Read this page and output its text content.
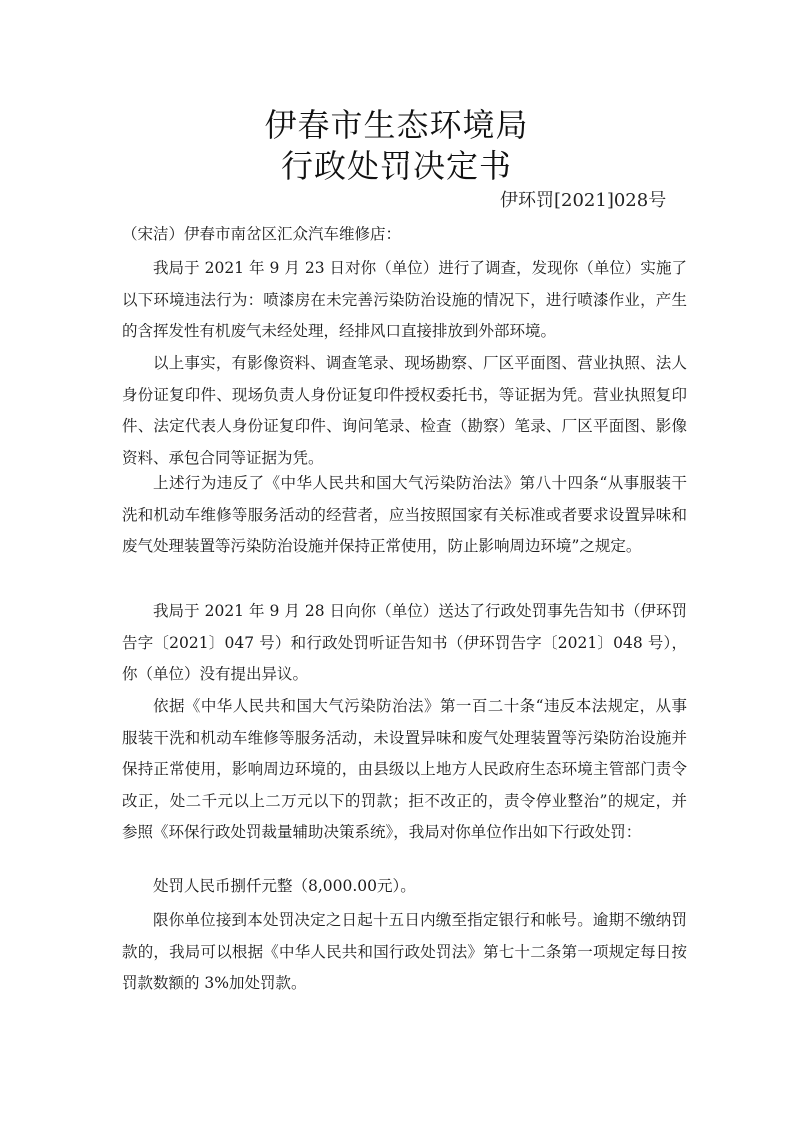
伊春市生态环境局
行政处罚决定书
伊环罚[2021]028号
（宋洁）伊春市南岔区汇众汽车维修店：

我局于 2021 年 9 月 23 日对你（单位）进行了调查，发现你（单位）实施了以下环境违法行为：喷漆房在未完善污染防治设施的情况下，进行喷漆作业，产生的含挥发性有机废气未经处理，经排风口直接排放到外部环境。

以上事实，有影像资料、调查笔录、现场勘察、厂区平面图、营业执照、法人身份证复印件、现场负责人身份证复印件授权委托书，等证据为凭。营业执照复印件、法定代表人身份证复印件、询问笔录、检查（勘察）笔录、厂区平面图、影像资料、承包合同等证据为凭。

上述行为违反了《中华人民共和国大气污染防治法》第八十四条“从事服装干洗和机动车维修等服务活动的经营者，应当按照国家有关标准或者要求设置异味和废气处理装置等污染防治设施并保持正常使用，防止影响周边环境”之规定。

我局于 2021 年 9 月 28 日向你（单位）送达了行政处罚事先告知书（伊环罚告字〔2021〕047 号）和行政处罚听证告知书（伊环罚告字〔2021〕048 号），你（单位）没有提出异议。

依据《中华人民共和国大气污染防治法》第一百二十条“违反本法规定，从事服装干洗和机动车维修等服务活动，未设置异味和废气处理装置等污染防治设施并保持正常使用，影响周边环境的，由县级以上地方人民政府生态环境主管部门责令改正，处二千元以上二万元以下的罚款；拒不改正的，责令停业整治”的规定，并参照《环保行政处罚裁量辅助决策系统》，我局对你单位作出如下行政处罚：

处罚人民币捌仟元整（8,000.00元）。

限你单位接到本处罚决定之日起十五日内缴至指定银行和帐号。逾期不缴纳罚款的，我局可以根据《中华人民共和国行政处罚法》第七十二条第一项规定每日按罚款数额的 3%加处罚款。
